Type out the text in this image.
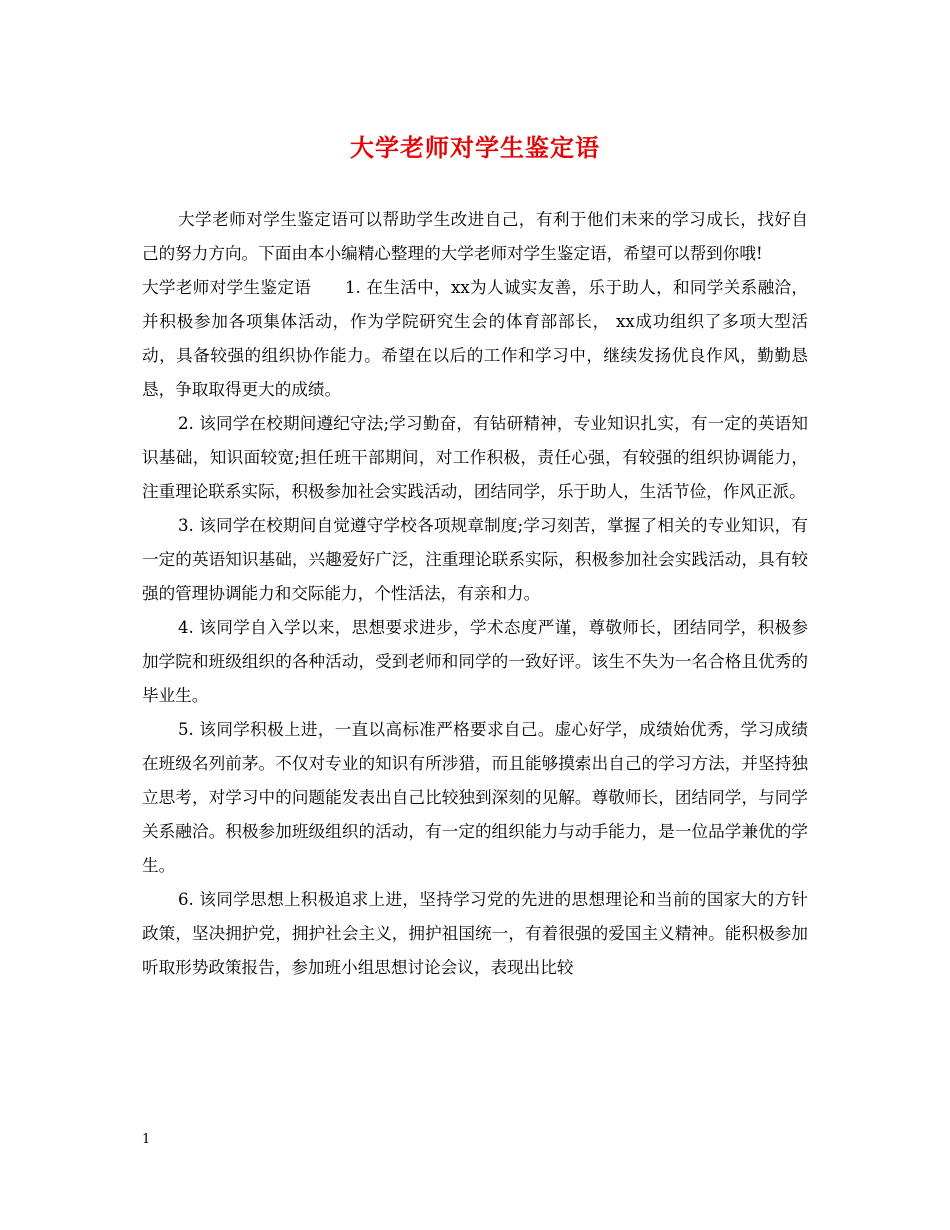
大学老师对学生鉴定语

大学老师对学生鉴定语可以帮助学生改进自己，有利于他们未来的学习成长，找好自己的努力方向。下面由本小编精心整理的大学老师对学生鉴定语，希望可以帮到你哦!

大学老师对学生鉴定语　　1. 在生活中，xx为人诚实友善，乐于助人，和同学关系融洽，并积极参加各项集体活动，作为学院研究生会的体育部部长， xx成功组织了多项大型活动，具备较强的组织协作能力。希望在以后的工作和学习中，继续发扬优良作风，勤勤恳恳，争取取得更大的成绩。

2. 该同学在校期间遵纪守法;学习勤奋，有钻研精神，专业知识扎实，有一定的英语知识基础，知识面较宽;担任班干部期间，对工作积极，责任心强，有较强的组织协调能力，注重理论联系实际，积极参加社会实践活动，团结同学，乐于助人，生活节俭，作风正派。

3. 该同学在校期间自觉遵守学校各项规章制度;学习刻苦，掌握了相关的专业知识，有一定的英语知识基础，兴趣爱好广泛，注重理论联系实际，积极参加社会实践活动，具有较强的管理协调能力和交际能力，个性活法，有亲和力。

4. 该同学自入学以来，思想要求进步，学术态度严谨，尊敬师长，团结同学，积极参加学院和班级组织的各种活动，受到老师和同学的一致好评。该生不失为一名合格且优秀的毕业生。

5. 该同学积极上进，一直以高标准严格要求自己。虚心好学，成绩始优秀，学习成绩在班级名列前茅。不仅对专业的知识有所涉猎，而且能够摸索出自己的学习方法，并坚持独立思考，对学习中的问题能发表出自己比较独到深刻的见解。尊敬师长，团结同学，与同学关系融洽。积极参加班级组织的活动，有一定的组织能力与动手能力，是一位品学兼优的学生。

6. 该同学思想上积极追求上进，坚持学习党的先进的思想理论和当前的国家大的方针政策，坚决拥护党，拥护社会主义，拥护祖国统一，有着很强的爱国主义精神。能积极参加听取形势政策报告，参加班小组思想讨论会议，表现出比较

1
